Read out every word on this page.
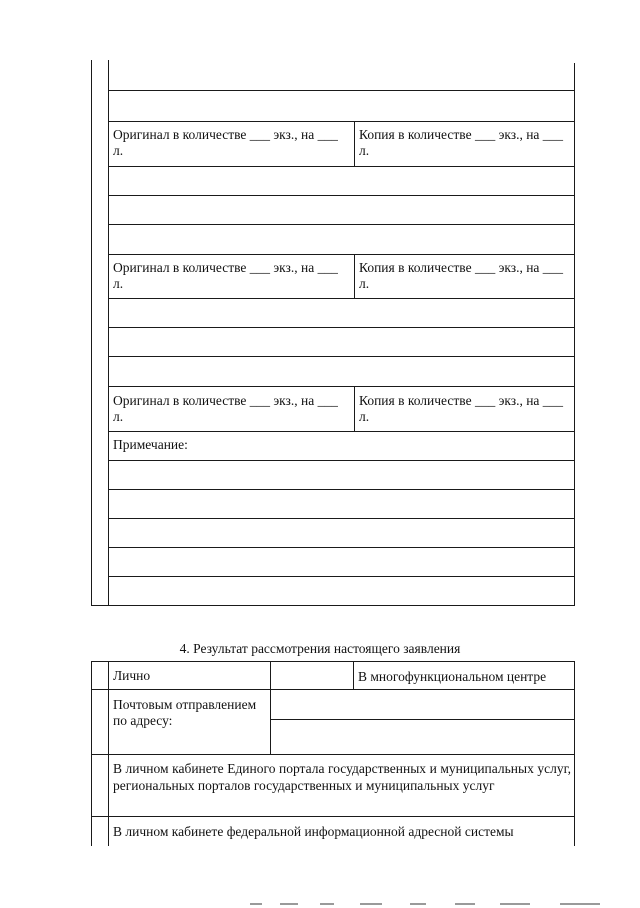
Оригинал в количестве ___ экз., на ___ л.
Копия в количестве ___ экз., на ___ л.
Оригинал в количестве ___ экз., на ___ л.
Копия в количестве ___ экз., на ___ л.
Оригинал в количестве ___ экз., на ___ л.
Копия в количестве ___ экз., на ___ л.
Примечание:
4. Результат рассмотрения настоящего заявления
Лично	В многофункциональном центре
Почтовым отправлением по адресу:
В личном кабинете Единого портала государственных и муниципальных услуг, региональных порталов государственных и муниципальных услуг
В личном кабинете федеральной информационной адресной системы
